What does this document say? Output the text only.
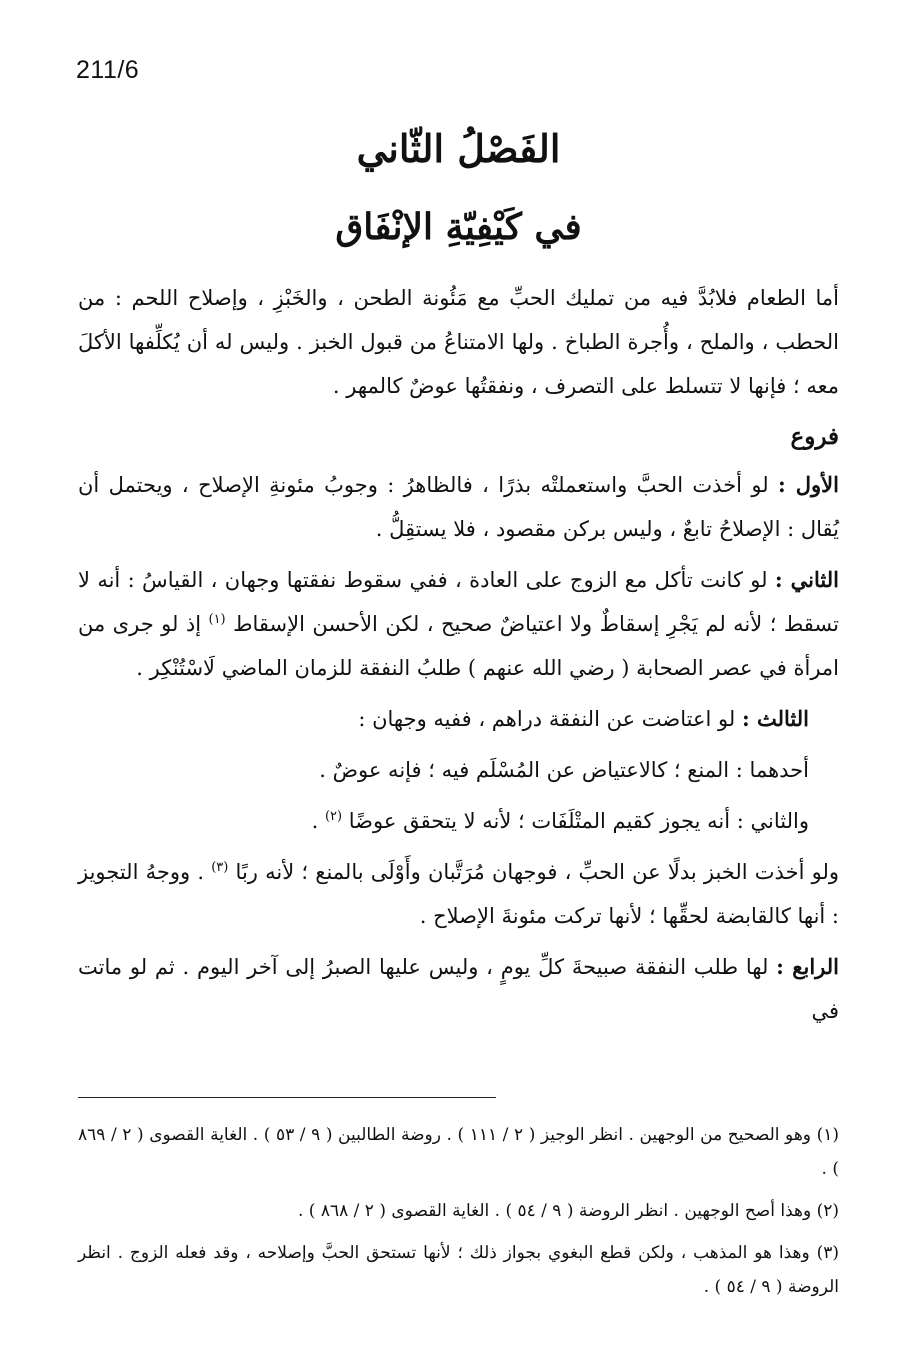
211/6
الفَصْلُ الثّاني
في كَيْفِيّةِ الإنْفَاق

أما الطعام فلابُدَّ فيه من تمليك الحبِّ مع مَئُونة الطحن ، والخَبْزِ ، وإصلاح اللحم : من الحطب ، والملح ، وأُجرة الطباخ . ولها الامتناعُ من قبول الخبز . وليس له أن يُكلِّفها الأكلَ معه ؛ فإنها لا تتسلط على التصرف ، ونفقتُها عوضٌ كالمهر .

فروع

الأول : لو أخذت الحبَّ واستعملتْه بذرًا ، فالظاهرُ : وجوبُ مئونةِ الإصلاح ، ويحتمل أن يُقال : الإصلاحُ تابعٌ ، وليس بركن مقصود ، فلا يستقِلُّ .

الثاني : لو كانت تأكل مع الزوج على العادة ، ففي سقوط نفقتها وجهان ، القياسُ : أنه لا تسقط ؛ لأنه لم يَجْرِ إسقاطٌ ولا اعتياضٌ صحيح ، لكن الأحسن الإسقاط $^{(١)}$ إذ لو جرى من امرأة في عصر الصحابة ( رضي الله عنهم ) طلبُ النفقة للزمان الماضي لَاسْتُنْكِر .

الثالث : لو اعتاضت عن النفقة دراهم ، ففيه وجهان :

أحدهما : المنع ؛ كالاعتياض عن المُسْلَم فيه ؛ فإنه عوضٌ .

والثاني : أنه يجوز كقيم المتْلَفَات ؛ لأنه لا يتحقق عوضًا $^{(٢)}$ .

ولو أخذت الخبز بدلًا عن الحبِّ ، فوجهان مُرَتَّبان وأَوْلَى بالمنع ؛ لأنه ربًا $^{(٣)}$ . ووجهُ التجويز : أنها كالقابضة لحقِّها ؛ لأنها تركت مئونةَ الإصلاح .

الرابع : لها طلب النفقة صبيحةَ كلِّ يومٍ ، وليس عليها الصبرُ إلى آخر اليوم . ثم لو ماتت في

(١) وهو الصحيح من الوجهين . انظر الوجيز ( ٢ / ١١١ ) . روضة الطالبين ( ٩ / ٥٣ ) . الغاية القصوى ( ٢ / ٨٦٩ ) .

(٢) وهذا أصح الوجهين . انظر الروضة ( ٩ / ٥٤ ) . الغاية القصوى ( ٢ / ٨٦٨ ) .

(٣) وهذا هو المذهب ، ولكن قطع البغوي بجواز ذلك ؛ لأنها تستحق الحبَّ وإصلاحه ، وقد فعله الزوج . انظر الروضة ( ٩ / ٥٤ ) .
